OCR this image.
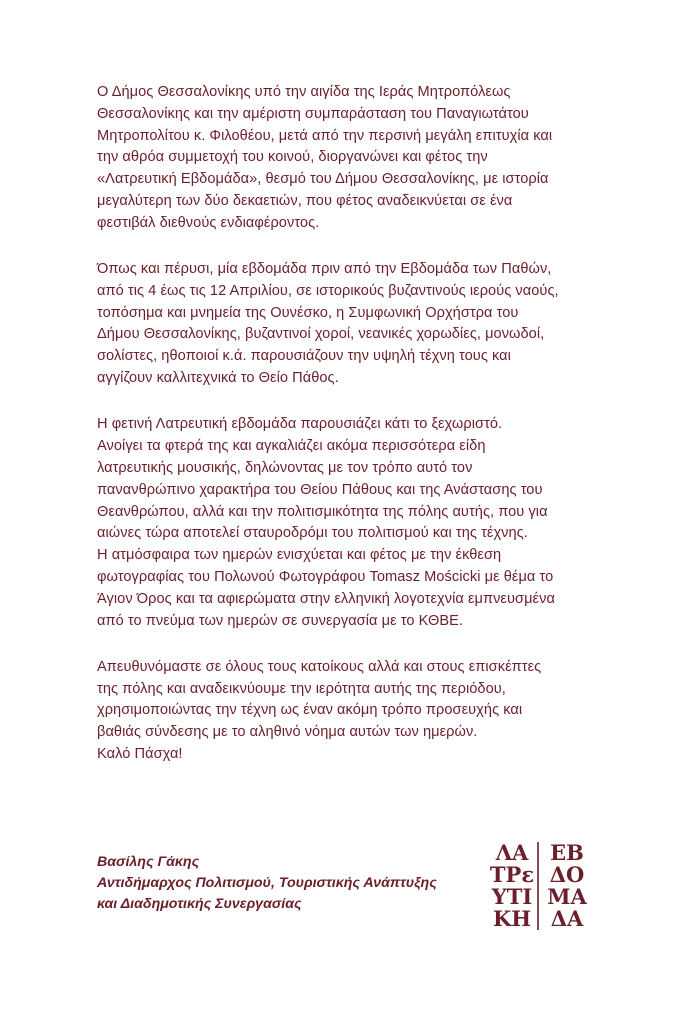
Ο Δήμος Θεσσαλονίκης υπό την αιγίδα της Ιεράς Μητροπόλεως
Θεσσαλονίκης και την αμέριστη συμπαράσταση του Παναγιωτάτου
Μητροπολίτου κ. Φιλοθέου, μετά από την περσινή μεγάλη επιτυχία και
την αθρόα συμμετοχή του κοινού, διοργανώνει και φέτος την
«Λατρευτική Εβδομάδα», θεσμό του Δήμου Θεσσαλονίκης, με ιστορία
μεγαλύτερη των δύο δεκαετιών, που φέτος αναδεικνύεται σε ένα
φεστιβάλ διεθνούς ενδιαφέροντος.

Όπως και πέρυσι, μία εβδομάδα πριν από την Εβδομάδα των Παθών,
από τις 4 έως τις 12 Απριλίου, σε ιστορικούς βυζαντινούς ιερούς ναούς,
τοπόσημα και μνημεία της Ουνέσκο, η Συμφωνική Ορχήστρα του
Δήμου Θεσσαλονίκης, βυζαντινοί χοροί, νεανικές χορωδίες, μονωδοί,
σολίστες, ηθοποιοί κ.ά. παρουσιάζουν την υψηλή τέχνη τους και
αγγίζουν καλλιτεχνικά το Θείο Πάθος.

Η φετινή Λατρευτική εβδομάδα παρουσιάζει κάτι το ξεχωριστό.
Ανοίγει τα φτερά της και αγκαλιάζει ακόμα περισσότερα είδη
λατρευτικής μουσικής, δηλώνοντας με τον τρόπο αυτό τον
πανανθρώπινο χαρακτήρα του Θείου Πάθους και της Ανάστασης του
Θεανθρώπου, αλλά και την πολιτισμικότητα της πόλης αυτής, που για
αιώνες τώρα αποτελεί σταυροδρόμι του πολιτισμού και της τέχνης.
Η ατμόσφαιρα των ημερών ενισχύεται και φέτος με την έκθεση
φωτογραφίας του Πολωνού Φωτογράφου Tomasz Mościcki με θέμα το
Άγιον Όρος και τα αφιερώματα στην ελληνική λογοτεχνία εμπνευσμένα
από το πνεύμα των ημερών σε συνεργασία με το ΚΘΒΕ.

Απευθυνόμαστε σε όλους τους κατοίκους αλλά και στους επισκέπτες
της πόλης και αναδεικνύουμε την ιερότητα αυτής της περιόδου,
χρησιμοποιώντας την τέχνη ως έναν ακόμη τρόπο προσευχής και
βαθιάς σύνδεσης με το αληθινό νόημα αυτών των ημερών.
Καλό Πάσχα!

Βασίλης Γάκης
Αντιδήμαρχος Πολιτισμού, Τουριστικής Ανάπτυξης
και Διαδημοτικής Συνεργασίας
ΛΑ
ΤΡε
ΥΤΙ
ΚΗ
ΕΒ
ΔΟ
ΜΑ
ΔΑ
